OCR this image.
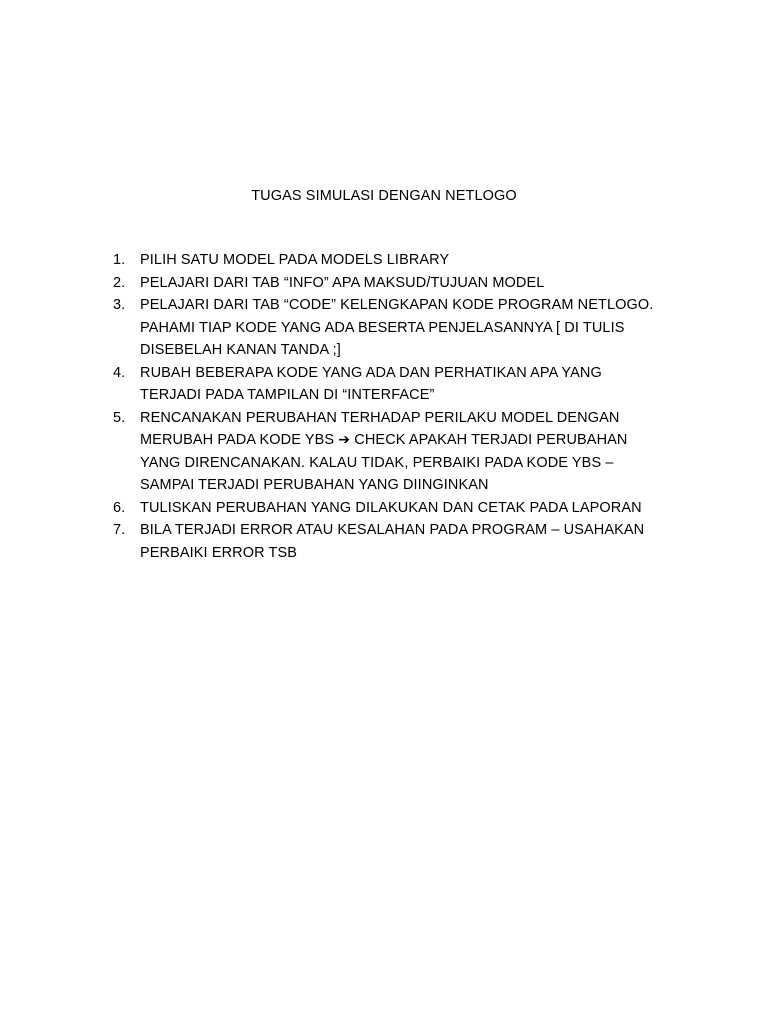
TUGAS SIMULASI DENGAN NETLOGO
1.	PILIH SATU MODEL PADA MODELS LIBRARY
2.	PELAJARI DARI TAB “INFO” APA MAKSUD/TUJUAN MODEL
3.	PELAJARI DARI TAB “CODE” KELENGKAPAN KODE PROGRAM NETLOGO.
PAHAMI TIAP KODE YANG ADA BESERTA PENJELASANNYA [ DI TULIS
DISEBELAH KANAN TANDA ;]
4.	RUBAH BEBERAPA KODE YANG ADA DAN PERHATIKAN APA YANG
TERJADI PADA TAMPILAN DI “INTERFACE”
5.	RENCANAKAN PERUBAHAN TERHADAP PERILAKU MODEL DENGAN
MERUBAH PADA KODE YBS ➔ CHECK APAKAH TERJADI PERUBAHAN
YANG DIRENCANAKAN. KALAU TIDAK, PERBAIKI PADA KODE YBS –
SAMPAI TERJADI PERUBAHAN YANG DIINGINKAN
6.	TULISKAN PERUBAHAN YANG DILAKUKAN DAN CETAK PADA LAPORAN
7.	BILA TERJADI ERROR ATAU KESALAHAN PADA PROGRAM – USAHAKAN
PERBAIKI ERROR TSB
